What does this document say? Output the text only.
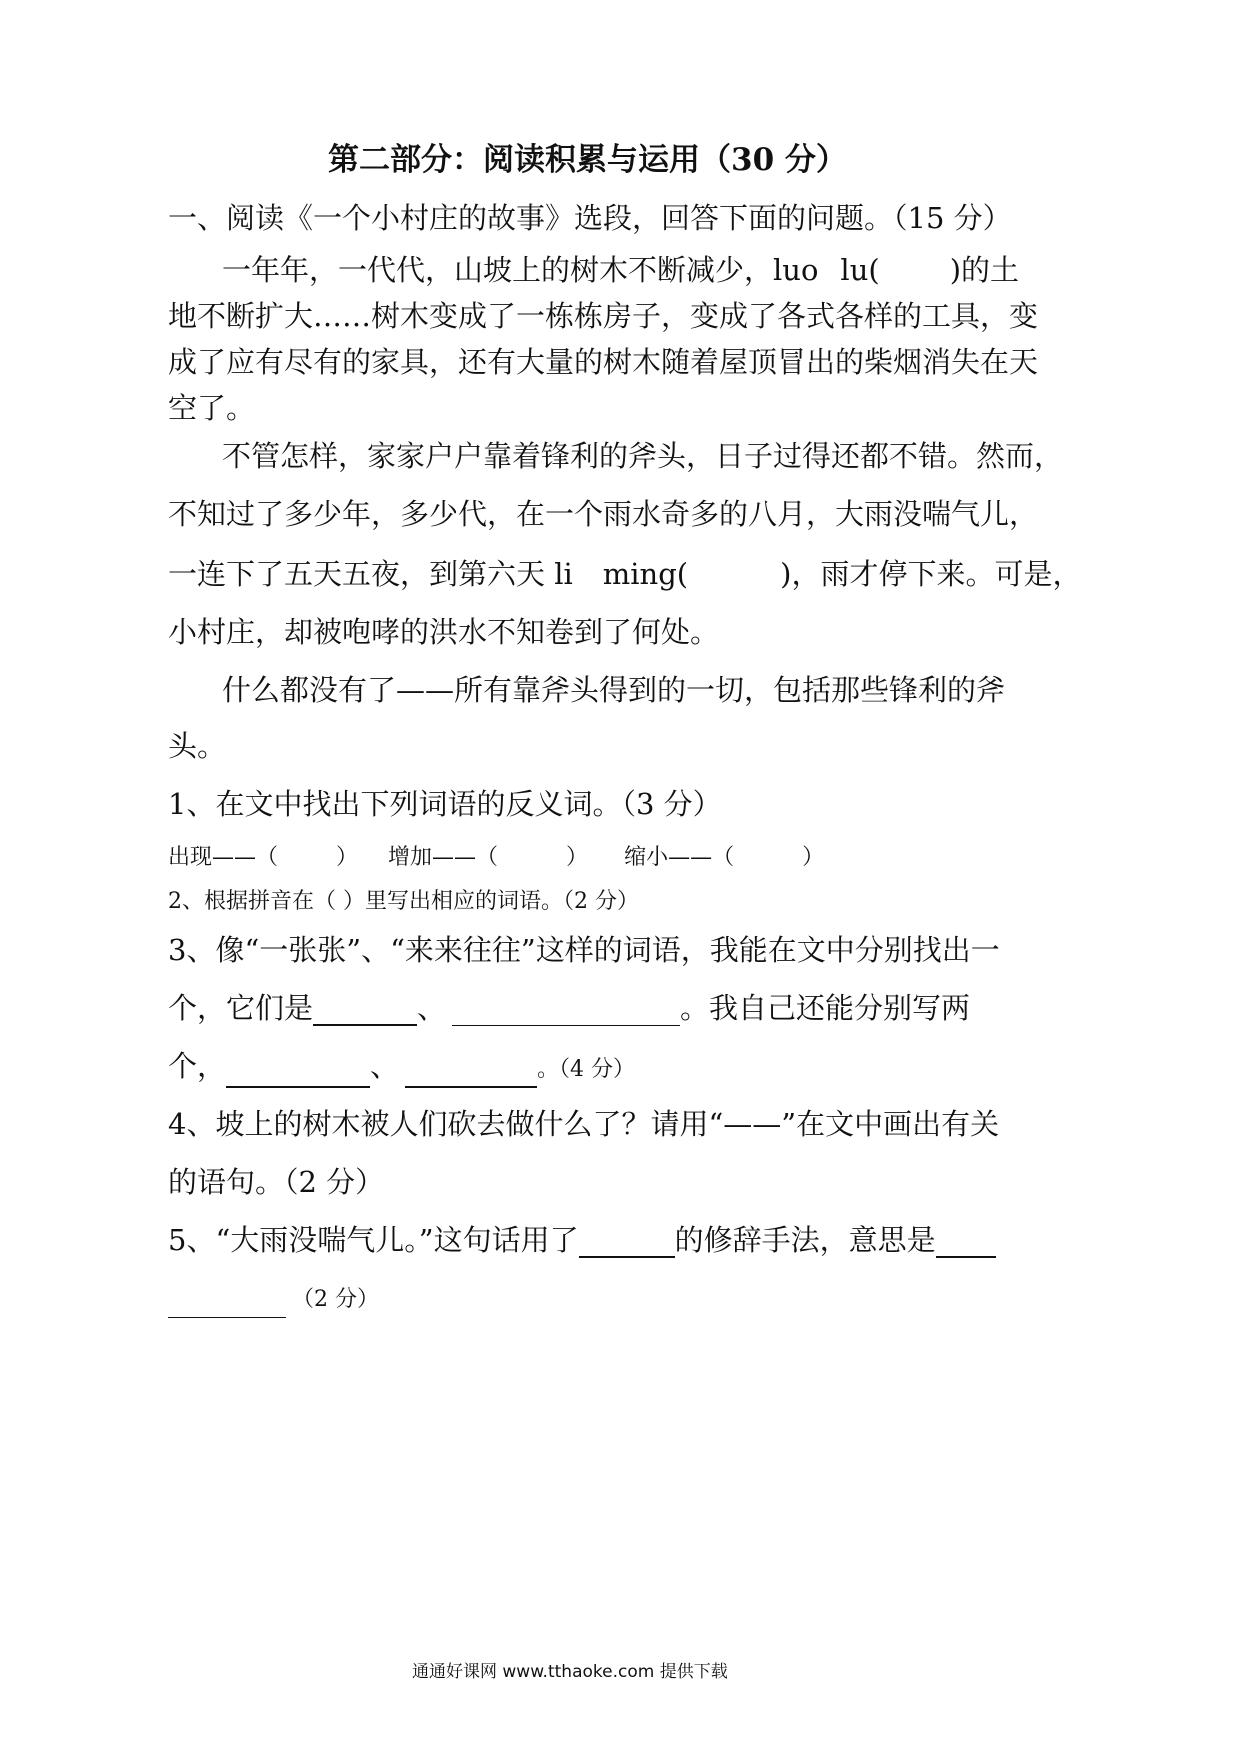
第二部分：阅读积累与运用（30 分）
一、阅读《一个小村庄的故事》选段，回答下面的问题。（15 分）
一年年，一代代，山坡上的树木不断减少，luo lu( )的土
地不断扩大……树木变成了一栋栋房子，变成了各式各样的工具，变
成了应有尽有的家具，还有大量的树木随着屋顶冒出的柴烟消失在天
空了。
不管怎样，家家户户靠着锋利的斧头，日子过得还都不错。然而，
不知过了多少年，多少代，在一个雨水奇多的八月，大雨没喘气儿，
一连下了五天五夜，到第六天 li ming(	)，雨才停下来。可是，
小村庄，却被咆哮的洪水不知卷到了何处。
什么都没有了——所有靠斧头得到的一切，包括那些锋利的斧
头。
1、在文中找出下列词语的反义词。（3 分）
出现——（	） 增加——（	） 缩小——（	）
2、根据拼音在（ ）里写出相应的词语。（2 分）
3、像“一张张”、“来来往往”这样的词语，我能在文中分别找出一
个，它们是	、	。我自己还能分别写两
个，	、	。（4 分）
4、坡上的树木被人们砍去做什么了？请用“——”在文中画出有关
的语句。（2 分）
5、“大雨没喘气儿。”这句话用了	的修辞手法，意思是
（2 分）
通通好课网 www.tthaoke.com 提供下载
